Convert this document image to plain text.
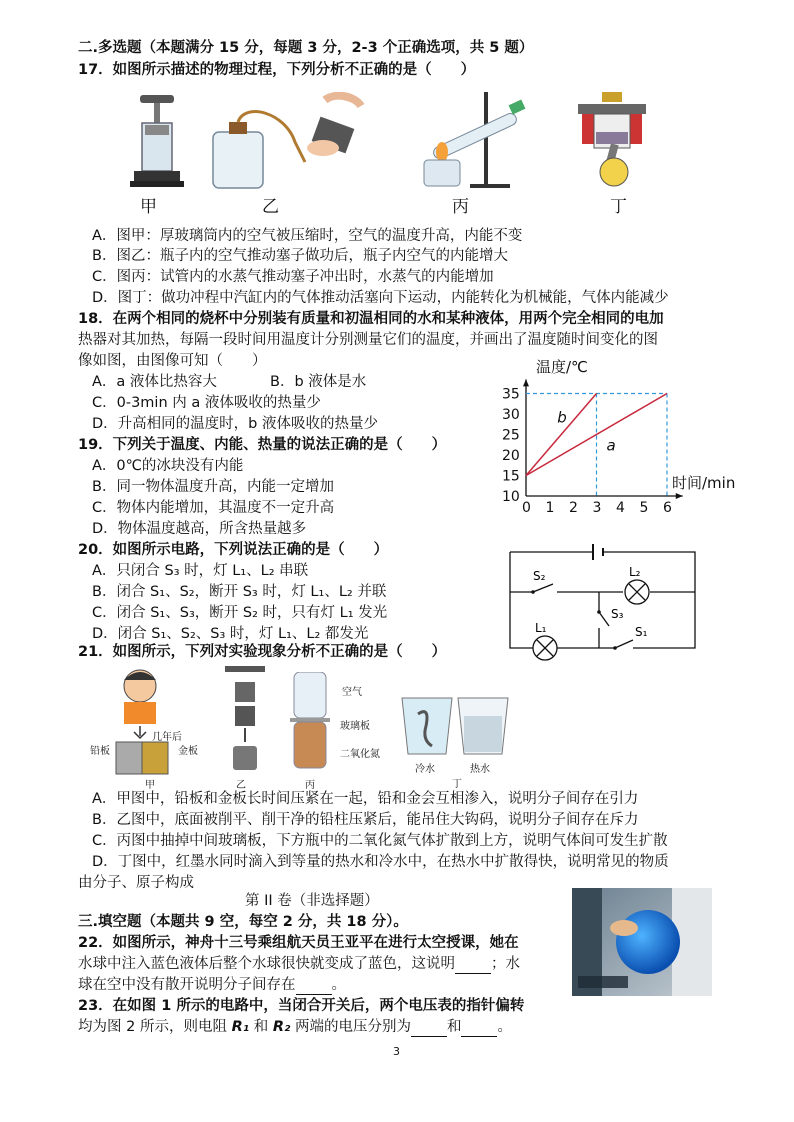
二.多选题（本题满分 15 分，每题 3 分，2-3 个正确选项，共 5 题）
17．如图所示描述的物理过程，下列分析不正确的是（　　）
甲	乙	丙	丁
A．图甲：厚玻璃筒内的空气被压缩时，空气的温度升高，内能不变
B．图乙：瓶子内的空气推动塞子做功后，瓶子内空气的内能增大
C．图丙：试管内的水蒸气推动塞子冲出时，水蒸气的内能增加
D．图丁：做功冲程中汽缸内的气体推动活塞向下运动，内能转化为机械能，气体内能减少
18．在两个相同的烧杯中分别装有质量和初温相同的水和某种液体，用两个完全相同的电加
热器对其加热，每隔一段时间用温度计分别测量它们的温度，并画出了温度随时间变化的图
像如图，由图像可知（　　）
A．a 液体比热容大	B．b 液体是水
C．0-3min 内 a 液体吸收的热量少
D．升高相同的温度时，b 液体吸收的热量少	b
a
0 1 2 3 4 5 6
10
15
20
25
30
35
温度/℃
时间/min
19．下列关于温度、内能、热量的说法正确的是（　　）
A．0℃的冰块没有内能
B．同一物体温度升高，内能一定增加
C．物体内能增加，其温度不一定升高
D．物体温度越高，所含热量越多
20．如图所示电路，下列说法正确的是（　　）
A．只闭合 S₃ 时，灯 L₁、L₂ 串联
B．闭合 S₁、S₂，断开 S₃ 时，灯 L₁、L₂ 并联
C．闭合 S₁、S₃，断开 S₂ 时，只有灯 L₁ 发光
D．闭合 S₁、S₂、S₃ 时，灯 L₁、L₂ 都发光
S₂	L₂
S₃
L₁	S₁
21．如图所示，下列对实验现象分析不正确的是（　　）
几年后
铅板	金板
甲	乙
空气
玻璃板
二氧化氮
丙
冷水	热水
丁
A．甲图中，铅板和金板长时间压紧在一起，铅和金会互相渗入，说明分子间存在引力
B．乙图中，底面被削平、削干净的铅柱压紧后，能吊住大钩码，说明分子间存在斥力
C．丙图中抽掉中间玻璃板，下方瓶中的二氧化氮气体扩散到上方，说明气体间可发生扩散
D．丁图中，红墨水同时滴入到等量的热水和冷水中，在热水中扩散得快，说明常见的物质
由分子、原子构成
第 II 卷（非选择题）
三.填空题（本题共 9 空，每空 2 分，共 18 分）。
22．如图所示，神舟十三号乘组航天员王亚平在进行太空授课，她在
水球中注入蓝色液体后整个水球很快就变成了蓝色，这说明 ；水
球在空中没有散开说明分子间存在 。
23．在如图 1 所示的电路中，当闭合开关后，两个电压表的指针偏转
均为图 2 所示，则电阻 R₁ 和 R₂ 两端的电压分别为 和 。
3
